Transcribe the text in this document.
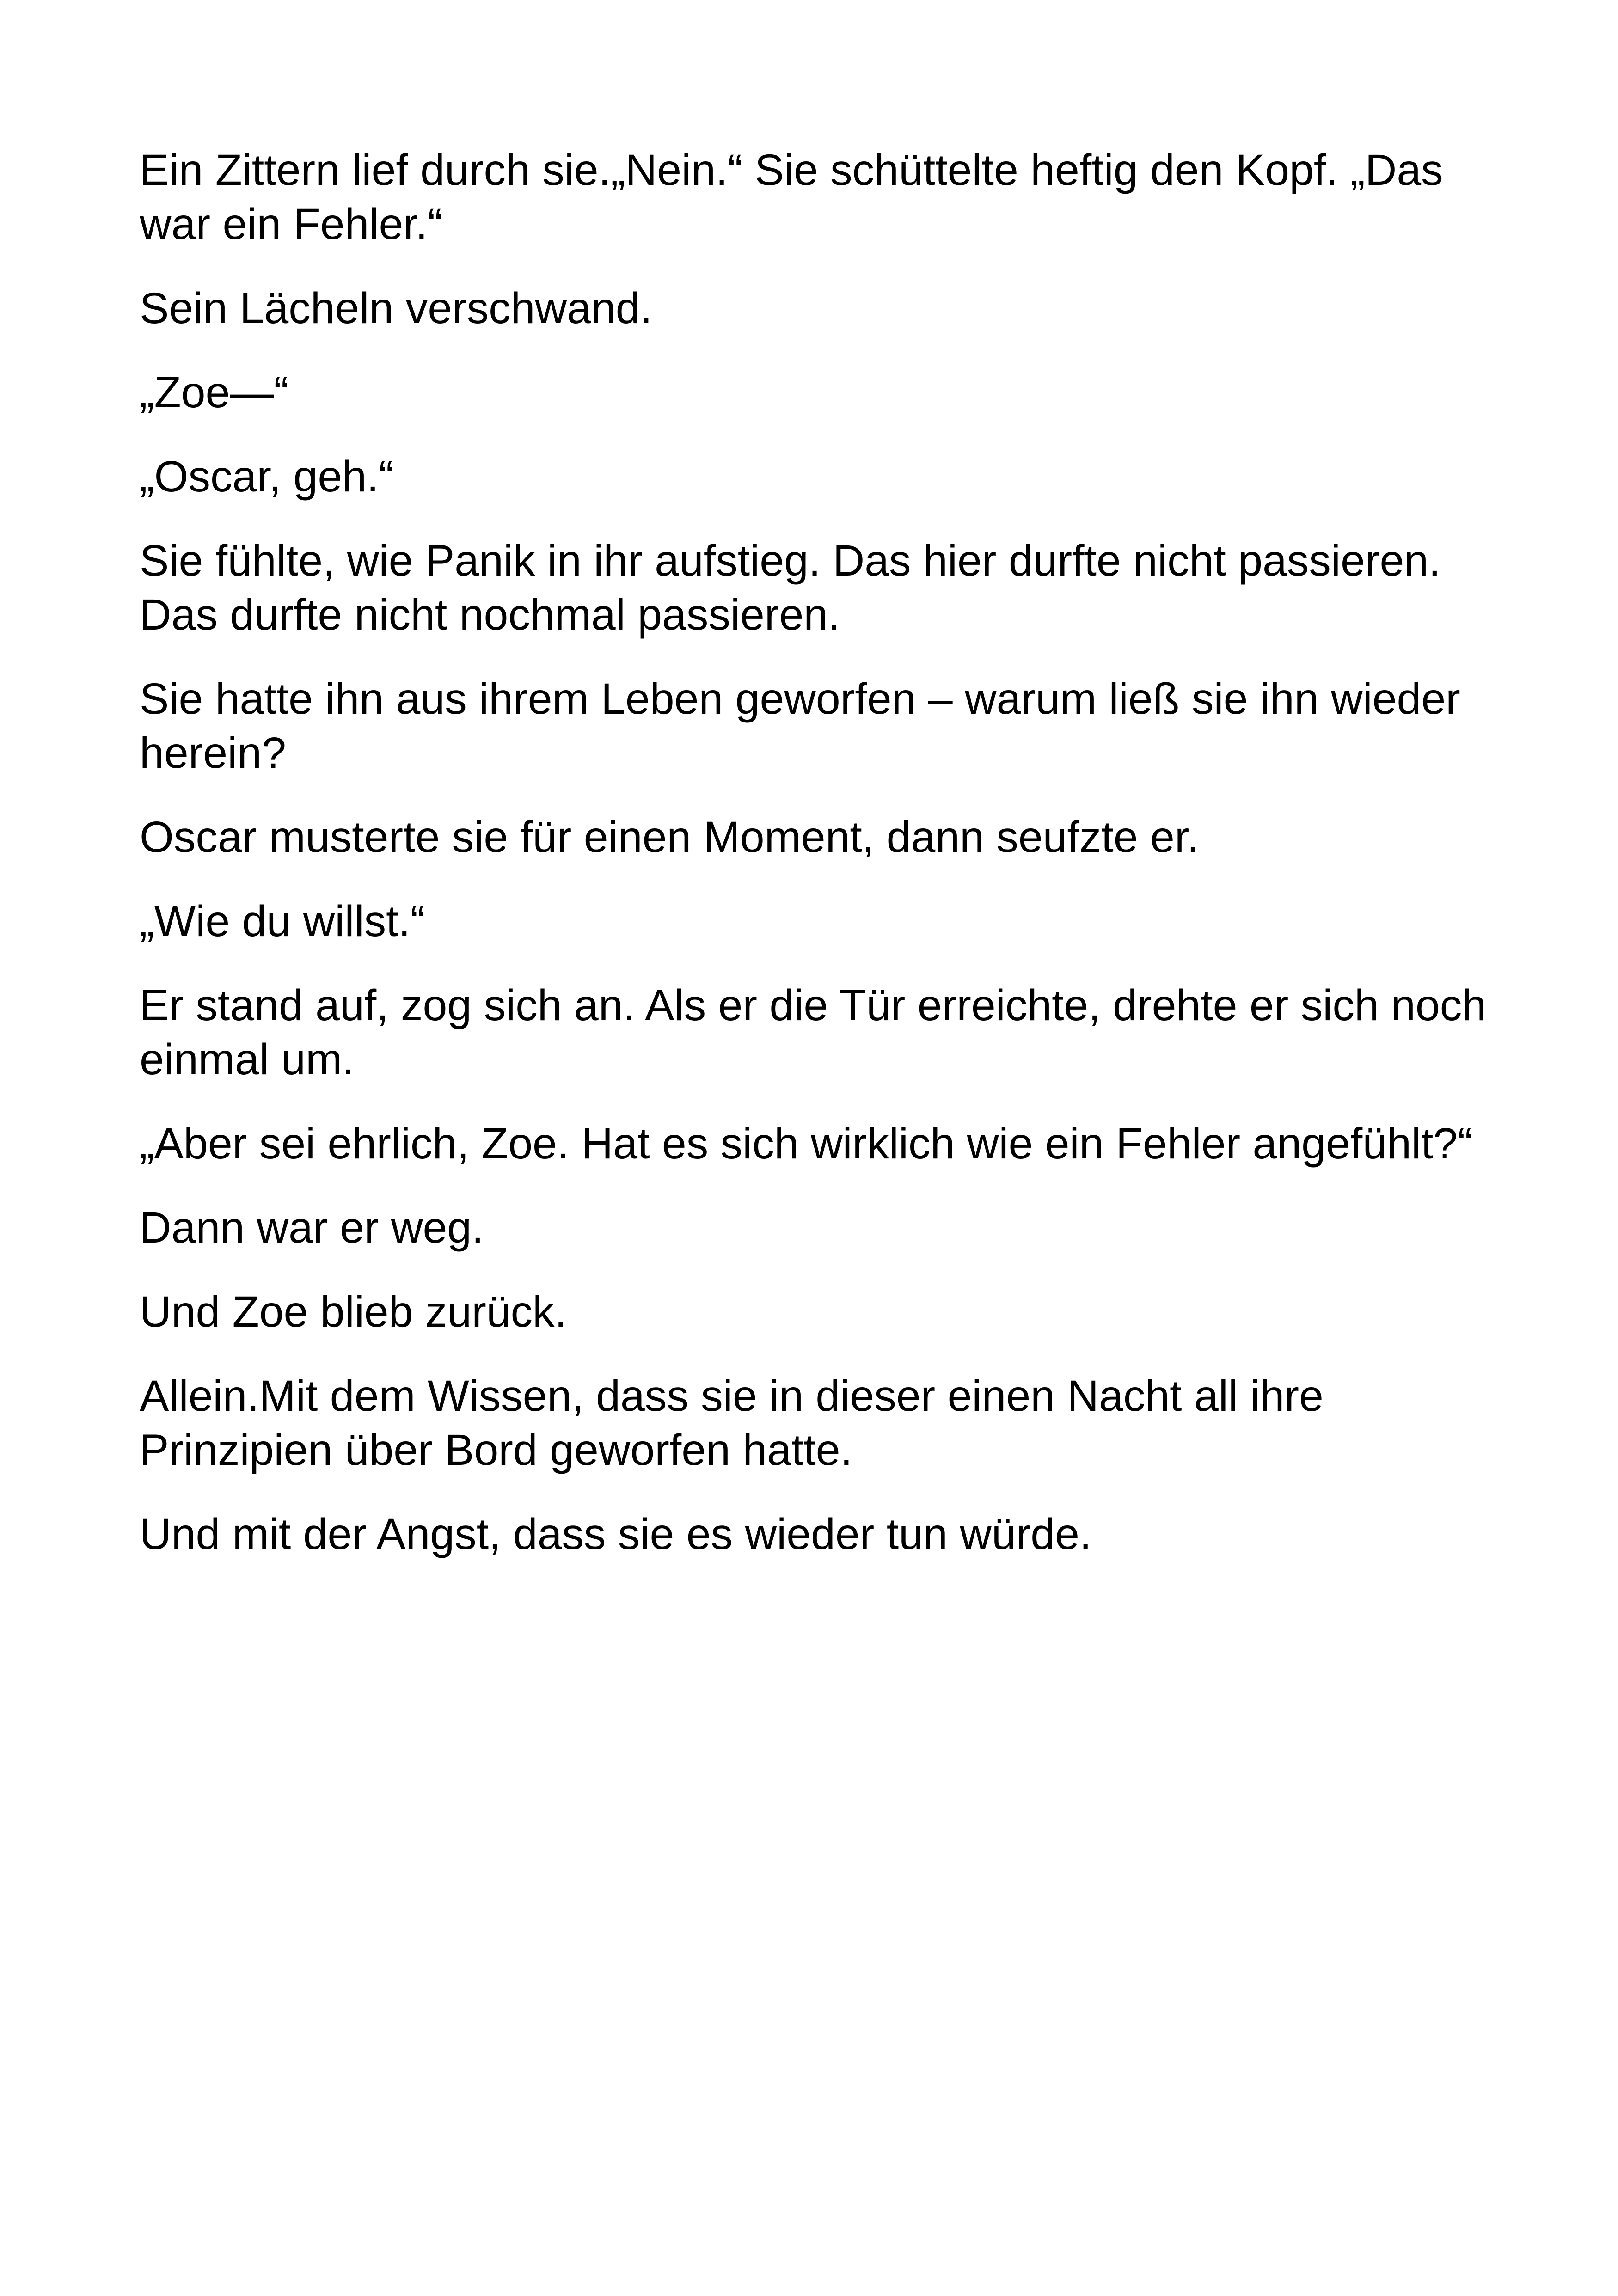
Ein Zittern lief durch sie.„Nein.“ Sie schüttelte heftig den Kopf. „Das war ein Fehler.“

Sein Lächeln verschwand.

„Zoe—“

„Oscar, geh.“

Sie fühlte, wie Panik in ihr aufstieg. Das hier durfte nicht passieren. Das durfte nicht nochmal passieren.

Sie hatte ihn aus ihrem Leben geworfen – warum ließ sie ihn wieder herein?

Oscar musterte sie für einen Moment, dann seufzte er.

„Wie du willst.“

Er stand auf, zog sich an. Als er die Tür erreichte, drehte er sich noch einmal um.

„Aber sei ehrlich, Zoe. Hat es sich wirklich wie ein Fehler angefühlt?“

Dann war er weg.

Und Zoe blieb zurück.

Allein.Mit dem Wissen, dass sie in dieser einen Nacht all ihre Prinzipien über Bord geworfen hatte.

Und mit der Angst, dass sie es wieder tun würde.
